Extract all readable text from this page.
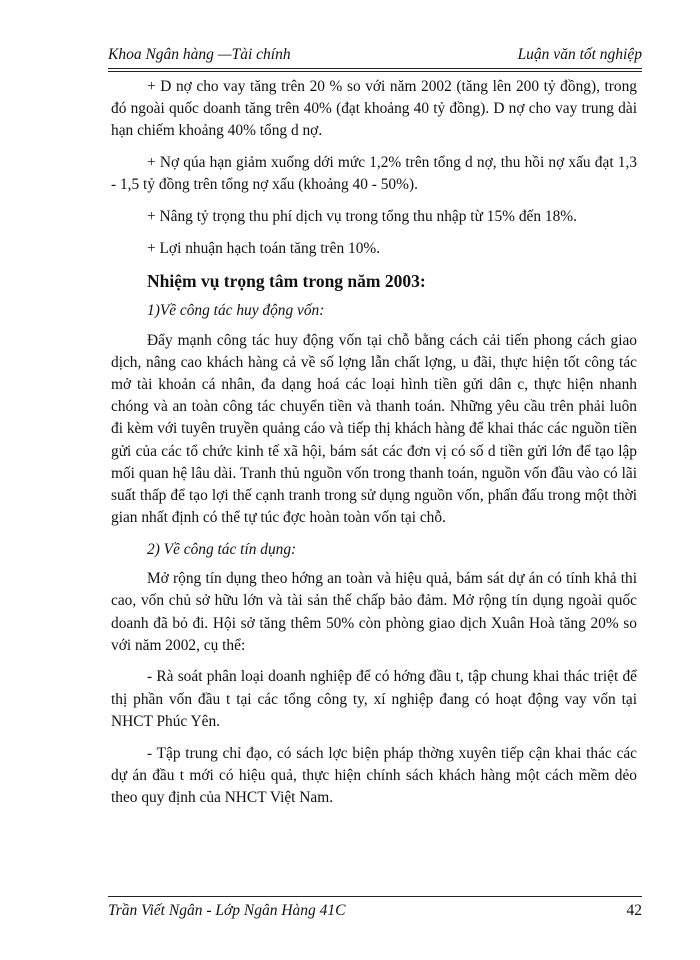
Khoa Ngân hàng —Tài chính	Luận văn tốt nghiệp

+ D nợ cho vay tăng trên 20 % so với năm 2002 (tăng lên 200 tỷ đồng), trong đó ngoài quốc doanh tăng trên 40% (đạt khoảng 40 tỷ đồng). D nợ cho vay trung dài hạn chiếm khoảng 40% tổng d nợ.

+ Nợ qúa hạn giảm xuống dới mức 1,2% trên tổng d nợ, thu hồi nợ xấu đạt 1,3 - 1,5 tỷ đồng trên tổng nợ xấu (khoảng 40 - 50%).

+ Nâng tỷ trọng thu phí dịch vụ trong tổng thu nhập từ 15% đến 18%.

+ Lợi nhuận hạch toán tăng trên 10%.

Nhiệm vụ trọng tâm trong năm 2003:

1)Về công tác huy động vốn:

Đẩy mạnh công tác huy động vốn tại chỗ bằng cách cải tiến phong cách giao dịch, nâng cao khách hàng cả về số lợng lẫn chất lợng, u đãi, thực hiện tốt công tác mở tài khoản cá nhân, đa dạng hoá các loại hình tiền gửi dân c, thực hiện nhanh chóng và an toàn công tác chuyển tiền và thanh toán. Những yêu cầu trên phải luôn đi kèm với tuyên truyền quảng cáo và tiếp thị khách hàng để khai thác các nguồn tiền gửi của các tổ chức kinh tế xã hội, bám sát các đơn vị có số d tiền gửi lớn để tạo lập mối quan hệ lâu dài. Tranh thủ nguồn vốn trong thanh toán, nguồn vốn đầu vào có lãi suất thấp để tạo lợi thế cạnh tranh trong sử dụng nguồn vốn, phấn đấu trong một thời gian nhất định có thể tự túc đợc hoàn toàn vốn tại chỗ.

2) Về công tác tín dụng:

Mở rộng tín dụng theo hớng an toàn và hiệu quả, bám sát dự án có tính khả thi cao, vốn chủ sở hữu lớn và tài sản thế chấp bảo đảm. Mở rộng tín dụng ngoài quốc doanh đã bỏ đi. Hội sở tăng thêm 50% còn phòng giao dịch Xuân Hoà tăng 20% so với năm 2002, cụ thể:

- Rà soát phân loại doanh nghiệp để có hớng đầu t, tập chung khai thác triệt để thị phần vốn đầu t tại các tổng công ty, xí nghiệp đang có hoạt động vay vốn tại NHCT Phúc Yên.

- Tập trung chỉ đạo, có sách lợc biện pháp thờng xuyên tiếp cận khai thác các dự án đầu t mới có hiệu quả, thực hiện chính sách khách hàng một cách mềm dẻo theo quy định của NHCT Việt Nam.

Trần Viết Ngân - Lớp Ngân Hàng 41C	42
